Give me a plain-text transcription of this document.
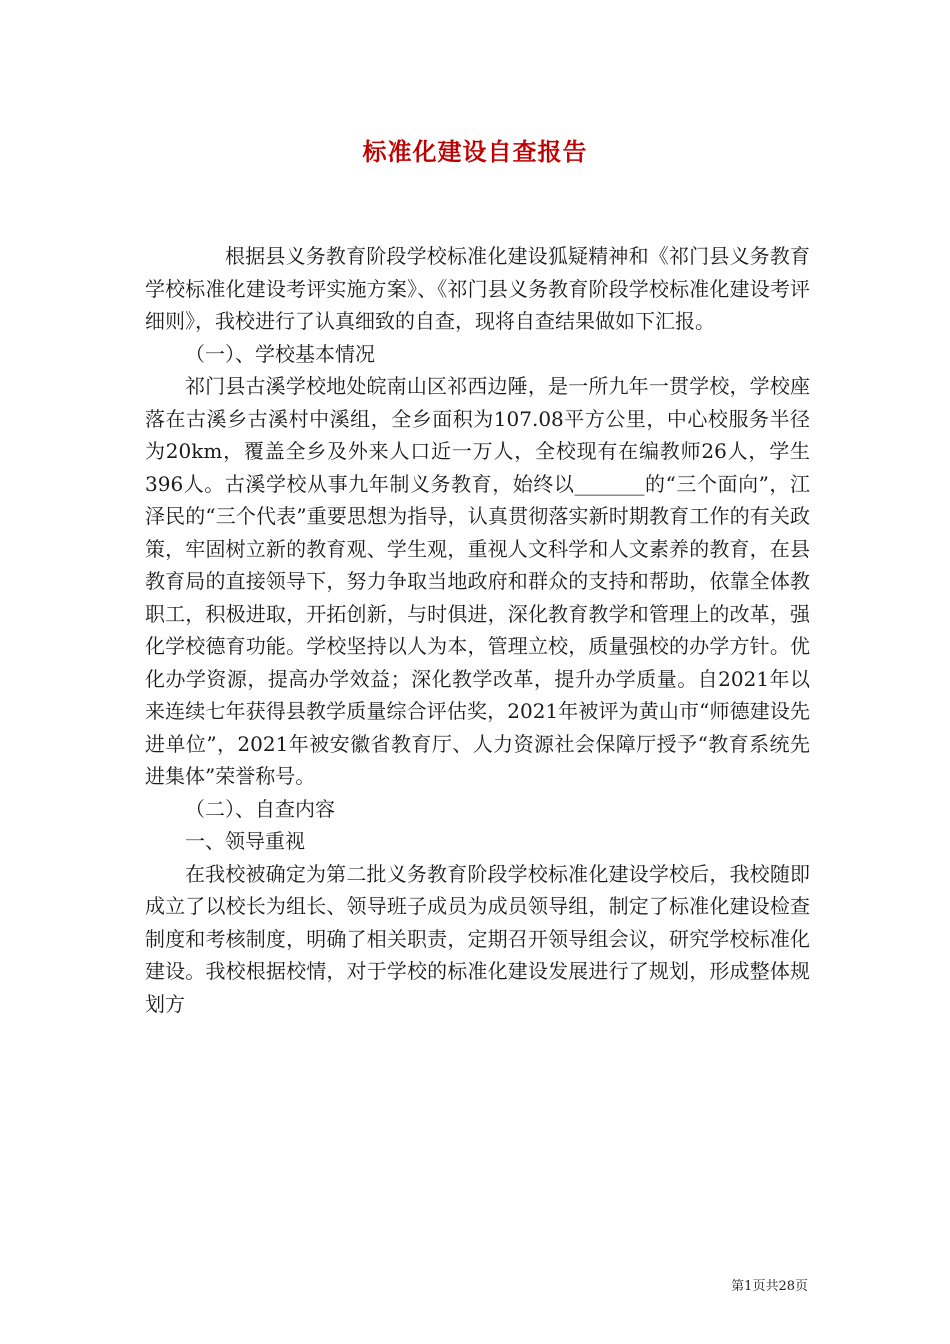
标准化建设自查报告

根据县义务教育阶段学校标准化建设狐疑精神和《祁门县义务教育学校标准化建设考评实施方案》、《祁门县义务教育阶段学校标准化建设考评细则》，我校进行了认真细致的自查，现将自查结果做如下汇报。

（一）、学校基本情况

祁门县古溪学校地处皖南山区祁西边陲，是一所九年一贯学校，学校座落在古溪乡古溪村中溪组，全乡面积为107.08平方公里，中心校服务半径为20km，覆盖全乡及外来人口近一万人，全校现有在编教师26人，学生396人。古溪学校从事九年制义务教育，始终以_______的“三个面向”，江泽民的“三个代表”重要思想为指导，认真贯彻落实新时期教育工作的有关政策，牢固树立新的教育观、学生观，重视人文科学和人文素养的教育，在县教育局的直接领导下，努力争取当地政府和群众的支持和帮助，依靠全体教职工，积极进取，开拓创新，与时俱进，深化教育教学和管理上的改革，强化学校德育功能。学校坚持以人为本，管理立校，质量强校的办学方针。优化办学资源，提高办学效益；深化教学改革，提升办学质量。自2021年以来连续七年获得县教学质量综合评估奖，2021年被评为黄山市“师德建设先进单位”，2021年被安徽省教育厅、人力资源社会保障厅授予“教育系统先进集体”荣誉称号。

（二）、自查内容

一、领导重视

在我校被确定为第二批义务教育阶段学校标准化建设学校后，我校随即成立了以校长为组长、领导班子成员为成员领导组，制定了标准化建设检查制度和考核制度，明确了相关职责，定期召开领导组会议，研究学校标准化建设。我校根据校情，对于学校的标准化建设发展进行了规划，形成整体规划方

第1页共28页
